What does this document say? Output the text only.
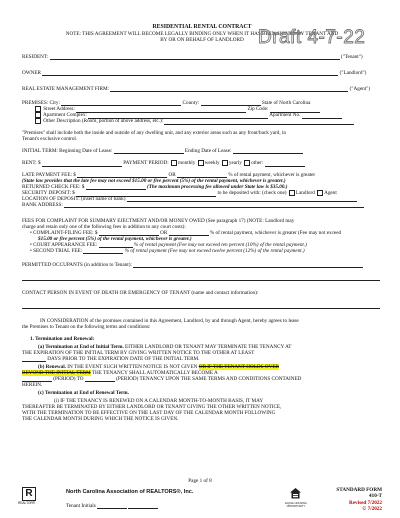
RESIDENTIAL RENTAL CONTRACT
NOTE: THIS AGREEMENT WILL BECOME LEGALLY BINDING ONLY WHEN IT HAS BEEN SIGNED BY TENANT AND
BY OR ON BEHALF OF LANDLORD Draft 4-7-22
RESIDENT:	("Tenant")
OWNER	("Landlord")
REAL ESTATE MANAGEMENT FIRM:	("Agent")
PREMISES: City:	County:	State of North Carolina
Street Address:	Zip Code:
Apartment Complex:	Apartment No.
Other Description (Room, portion of above address, etc.):
"Premises" shall include both the inside and outside of any dwelling unit, and any exterior areas such as any front/back yard, in
Tenant's exclusive control.
INITIAL TERM: Beginning Date of Lease:	Ending Date of Lease:
RENT: $	PAYMENT PERIOD: monthly weekly yearly other:
LATE PAYMENT FEE: $	OR	% of rental payment, whichever is greater
(State law provides that the late fee may not exceed $15.00 or five percent (5%) of the rental payment, whichever is greater.)
RETURNED CHECK FEE: $	(The maximum processing fee allowed under State law is $35.00.)
SECURITY DEPOSIT: $	to be deposited with: (check one) Landlord Agent
LOCATION OF DEPOSIT: (insert name of bank)
BANK ADDRESS:
FEES FOR COMPLAINT FOR SUMMARY EJECTMENT AND/OR MONEY OWED (See paragraph 17) (NOTE: Landlord may
charge and retain only one of the following fees in addition to any court costs):
• COMPLAINT-FILING FEE: $	OR	% of rental payment, whichever is greater (Fee may not exceed
$15.00 or five percent (5%) of the rental payment, whichever is greater.)
• COURT APPEARANCE FEE:	% of rental payment (Fee may not exceed ten percent (10%) of the rental payment.)
• SECOND TRIAL FEE:	% of rental payment (Fee may not exceed twelve percent (12%) of the rental payment.)
PERMITTED OCCUPANTS (in addition to Tenant):
CONTACT PERSON IN EVENT OF DEATH OR EMERGENCY OF TENANT (name and contact information):
IN CONSIDERATION of the promises contained in this Agreement, Landlord, by and through Agent, hereby agrees to lease
the Premises to Tenant on the following terms and conditions:
1. Termination and Renewal:
(a) Termination at End of Initial Term. EITHER LANDLORD OR TENANT MAY TERMINATE THE TENANCY AT
THE EXPIRATION OF THE INITIAL TERM BY GIVING WRITTEN NOTICE TO THE OTHER AT LEAST
DAYS PRIOR TO THE EXPIRATION DATE OF THE INITIAL TERM.
(b) Renewal. IN THE EVENT SUCH WRITTEN NOTICE IS NOT GIVEN OR IF THE TENANT HOLDS OVER
BEYOND THE INITIAL TERM THE TENANCY SHALL AUTOMATICALLY BECOME A
(PERIOD) TO	(PERIOD) TENANCY UPON THE SAME TERMS AND CONDITIONS CONTAINED
HEREIN.
(c) Termination at End of Renewal Term.
(i) IF THE TENANCY IS RENEWED ON A CALENDAR MONTH-TO-MONTH BASIS, IT MAY
THEREAFTER BE TERMINATED BY EITHER LANDLORD OR TENANT GIVING THE OTHER WRITTEN NOTICE,
WITH THE TERMINATION TO BE EFFECTIVE ON THE LAST DAY OF THE CALENDAR MONTH FOLLOWING
THE CALENDAR MONTH DURING WHICH THE NOTICE IS GIVEN.
Page 1 of 8
R
REALTOR®
North Carolina Association of REALTORS®, Inc.
Tenant Initials	EQUAL HOUSING OPPORTUNITY
STANDARD FORM 410-T
Revised 7/2022
© 7/2022
